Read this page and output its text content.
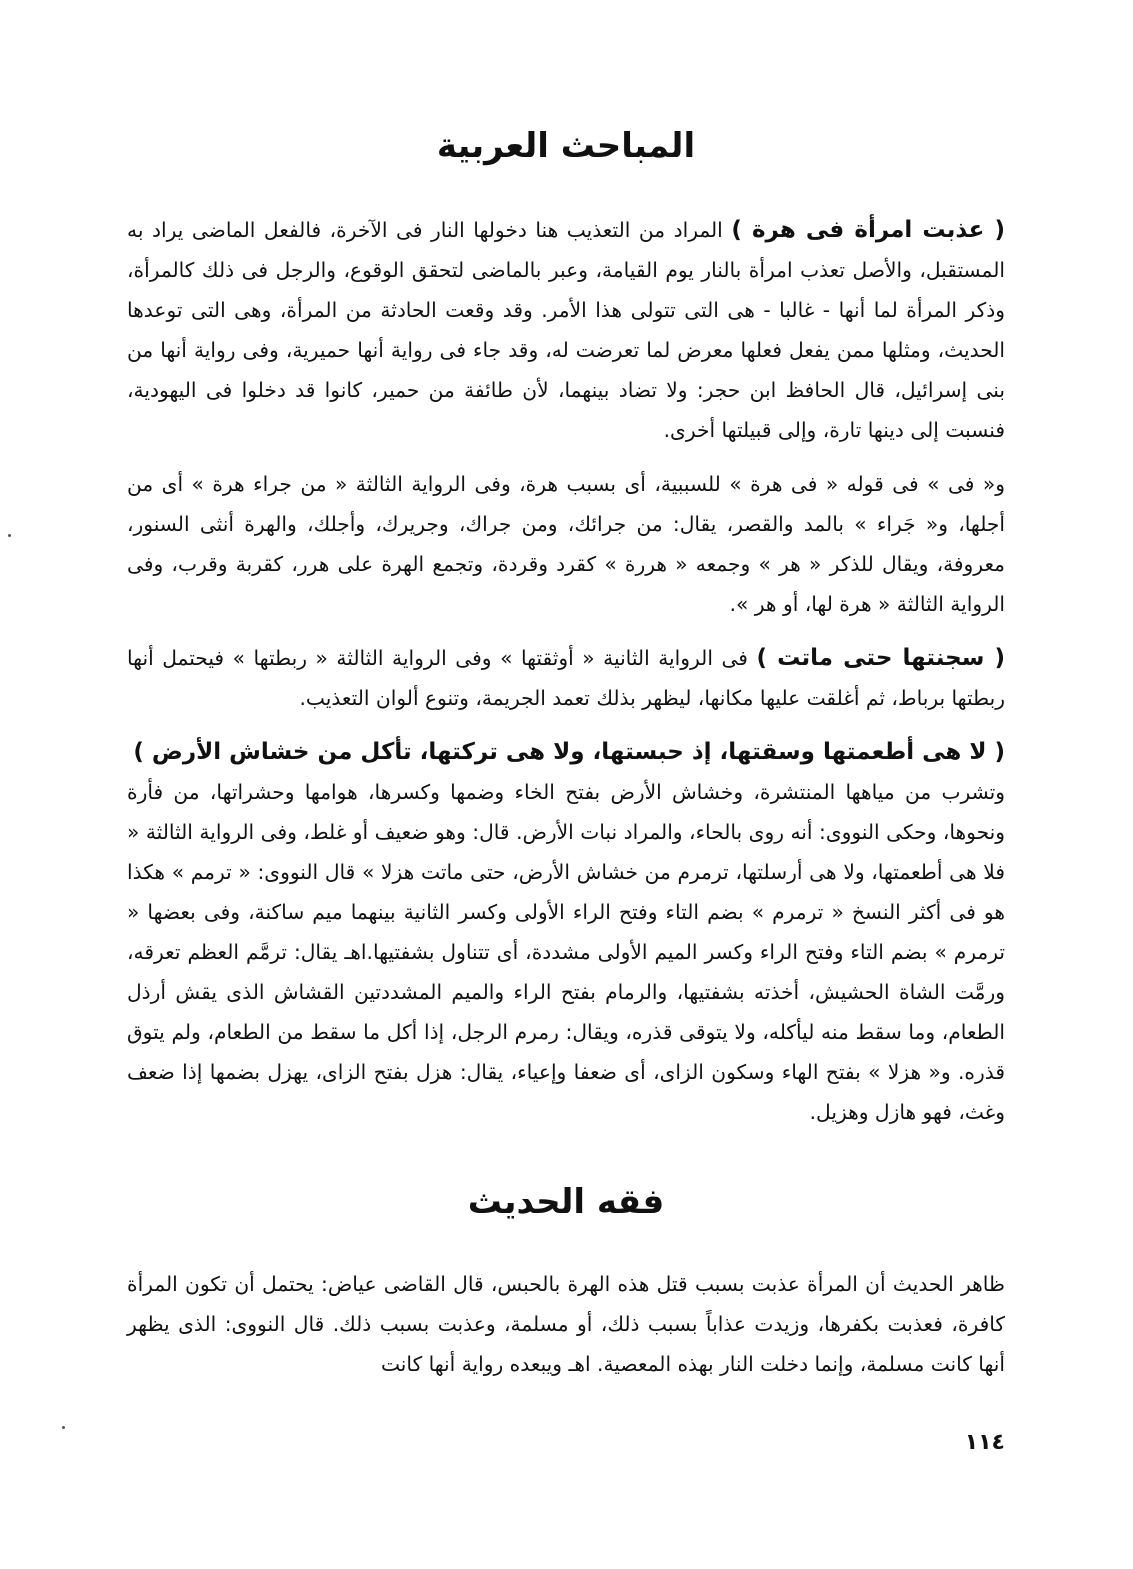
المباحث العربية

( عذبت امرأة فى هرة ) المراد من التعذيب هنا دخولها النار فى الآخرة، فالفعل الماضى يراد به المستقبل، والأصل تعذب امرأة بالنار يوم القيامة، وعبر بالماضى لتحقق الوقوع، والرجل فى ذلك كالمرأة، وذكر المرأة لما أنها - غالبا - هى التى تتولى هذا الأمر. وقد وقعت الحادثة من المرأة، وهى التى توعدها الحديث، ومثلها ممن يفعل فعلها معرض لما تعرضت له، وقد جاء فى رواية أنها حميرية، وفى رواية أنها من بنى إسرائيل، قال الحافظ ابن حجر: ولا تضاد بينهما، لأن طائفة من حمير، كانوا قد دخلوا فى اليهودية، فنسبت إلى دينها تارة، وإلى قبيلتها أخرى.

و« فى » فى قوله « فى هرة » للسببية، أى بسبب هرة، وفى الرواية الثالثة « من جراء هرة » أى من أجلها، و« جَراء » بالمد والقصر، يقال: من جرائك، ومن جراك، وجريرك، وأجلك، والهرة أنثى السنور، معروفة، ويقال للذكر « هر » وجمعه « هررة » كقرد وقردة، وتجمع الهرة على هرر، كقربة وقرب، وفى الرواية الثالثة « هرة لها، أو هر ».

( سجنتها حتى ماتت ) فى الرواية الثانية « أوثقتها » وفى الرواية الثالثة « ربطتها » فيحتمل أنها ربطتها برباط، ثم أغلقت عليها مكانها، ليظهر بذلك تعمد الجريمة، وتنوع ألوان التعذيب.

( لا هى أطعمتها وسقتها، إذ حبستها، ولا هى تركتها، تأكل من خشاش الأرض )

وتشرب من مياهها المنتشرة، وخشاش الأرض بفتح الخاء وضمها وكسرها، هوامها وحشراتها، من فأرة ونحوها، وحكى النووى: أنه روى بالحاء، والمراد نبات الأرض. قال: وهو ضعيف أو غلط، وفى الرواية الثالثة « فلا هى أطعمتها، ولا هى أرسلتها، ترمرم من خشاش الأرض، حتى ماتت هزلا » قال النووى: « ترمم » هكذا هو فى أكثر النسخ « ترمرم » بضم التاء وفتح الراء الأولى وكسر الثانية بينهما ميم ساكنة، وفى بعضها « ترمرم » بضم التاء وفتح الراء وكسر الميم الأولى مشددة، أى تتناول بشفتيها.اهـ يقال: ترمَّم العظم تعرقه، ورمَّت الشاة الحشيش، أخذته بشفتيها، والرمام بفتح الراء والميم المشددتين القشاش الذى يقش أرذل الطعام، وما سقط منه ليأكله، ولا يتوقى قذره، ويقال: رمرم الرجل، إذا أكل ما سقط من الطعام، ولم يتوق قذره. و« هزلا » بفتح الهاء وسكون الزاى، أى ضعفا وإعياء، يقال: هزل بفتح الزاى، يهزل بضمها إذا ضعف وغث، فهو هازل وهزيل.

فقه الحديث

ظاهر الحديث أن المرأة عذبت بسبب قتل هذه الهرة بالحبس، قال القاضى عياض: يحتمل أن تكون المرأة كافرة، فعذبت بكفرها، وزيدت عذاباً بسبب ذلك، أو مسلمة، وعذبت بسبب ذلك. قال النووى: الذى يظهر أنها كانت مسلمة، وإنما دخلت النار بهذه المعصية. اهـ ويبعده رواية أنها كانت

١١٤
